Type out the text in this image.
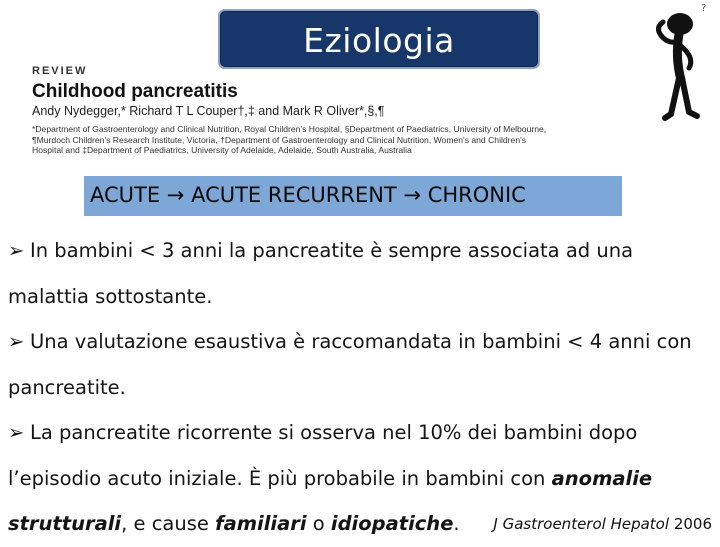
Eziologia
?
REVIEW
Childhood pancreatitis
Andy Nydegger,* Richard T L Couper†,‡ and Mark R Oliver*,§,¶
*Department of Gastroenterology and Clinical Nutrition, Royal Children's Hospital, §Department of Paediatrics, University of Melbourne,
¶Murdoch Children's Research Institute, Victoria, †Department of Gastroenterology and Clinical Nutrition, Women's and Children's
Hospital and ‡Department of Paediatrics, University of Adelaide, Adelaide, South Australia, Australia
ACUTE → ACUTE RECURRENT → CHRONIC

➢ In bambini < 3 anni la pancreatite è sempre associata ad una malattia sottostante.

➢ Una valutazione esaustiva è raccomandata in bambini < 4 anni con pancreatite.

➢ La pancreatite ricorrente si osserva nel 10% dei bambini dopo l’episodio acuto iniziale. È più probabile in bambini con anomalie strutturali, e cause familiari o idiopatiche.	J Gastroenterol Hepatol 2006
